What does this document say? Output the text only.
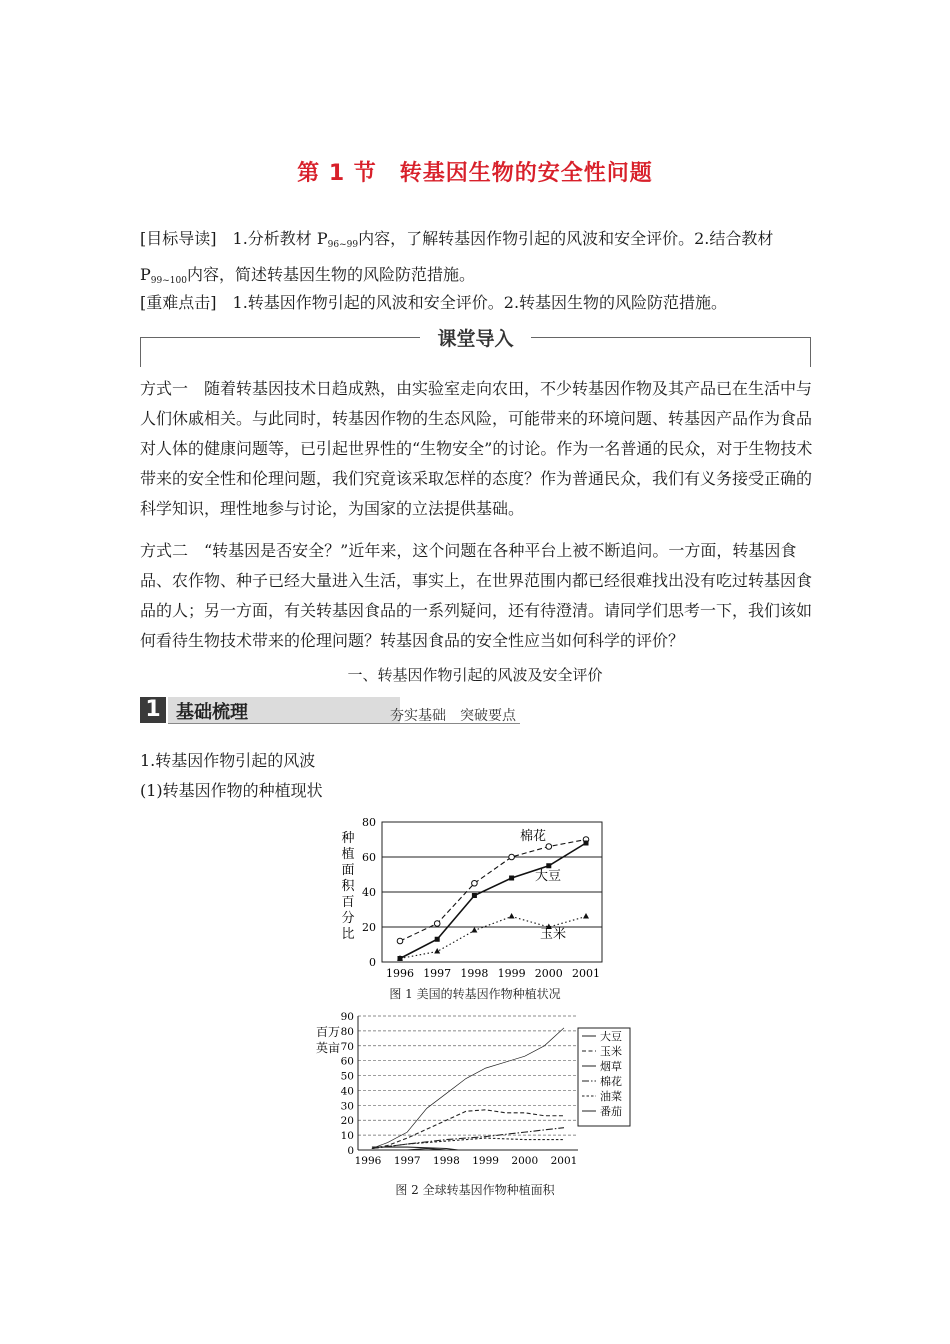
第 1 节　转基因生物的安全性问题

[目标导读]　 1.分析教材 $P_{96\sim 99}$内容，了解转基因作物引起的风波和安全评价。2.结合教材

$P_{99\sim 100}$内容，简述转基因生物的风险防范措施。

[重难点击]　 1.转基因作物引起的风波和安全评价。2.转基因生物的风险防范措施。

课堂导入

方式一　随着转基因技术日趋成熟，由实验室走向农田，不少转基因作物及其产品已在生活中与人们休戚相关。与此同时，转基因作物的生态风险，可能带来的环境问题、转基因产品作为食品对人体的健康问题等，已引起世界性的“生物安全”的讨论。作为一名普通的民众，对于生物技术带来的安全性和伦理问题，我们究竟该采取怎样的态度？作为普通民众，我们有义务接受正确的科学知识，理性地参与讨论，为国家的立法提供基础。

方式二　“转基因是否安全？”近年来，这个问题在各种平台上被不断追问。一方面，转基因食品、农作物、种子已经大量进入生活，事实上，在世界范围内都已经很难找出没有吃过转基因食品的人；另一方面，有关转基因食品的一系列疑问，还有待澄清。请同学们思考一下，我们该如何看待生物技术带来的伦理问题？转基因食品的安全性应当如何科学的评价？

一、转基因作物引起的风波及安全评价
1 基础梳理	夯实基础　突破要点

1.转基因作物引起的风波

(1)转基因作物的种植现状

0
20
40
60
80
1996 1997 1998 1999 2000 2001
种植面积百分比
棉花
大豆
玉米
图 1 美国的转基因作物种植状况
0
10
20
30
40
50
60
70
80
90
1996 1997 1998 1999 2000 2001
百万英亩
大豆
玉米
烟草
棉花
油菜
番茄
图 2 全球转基因作物种植面积
